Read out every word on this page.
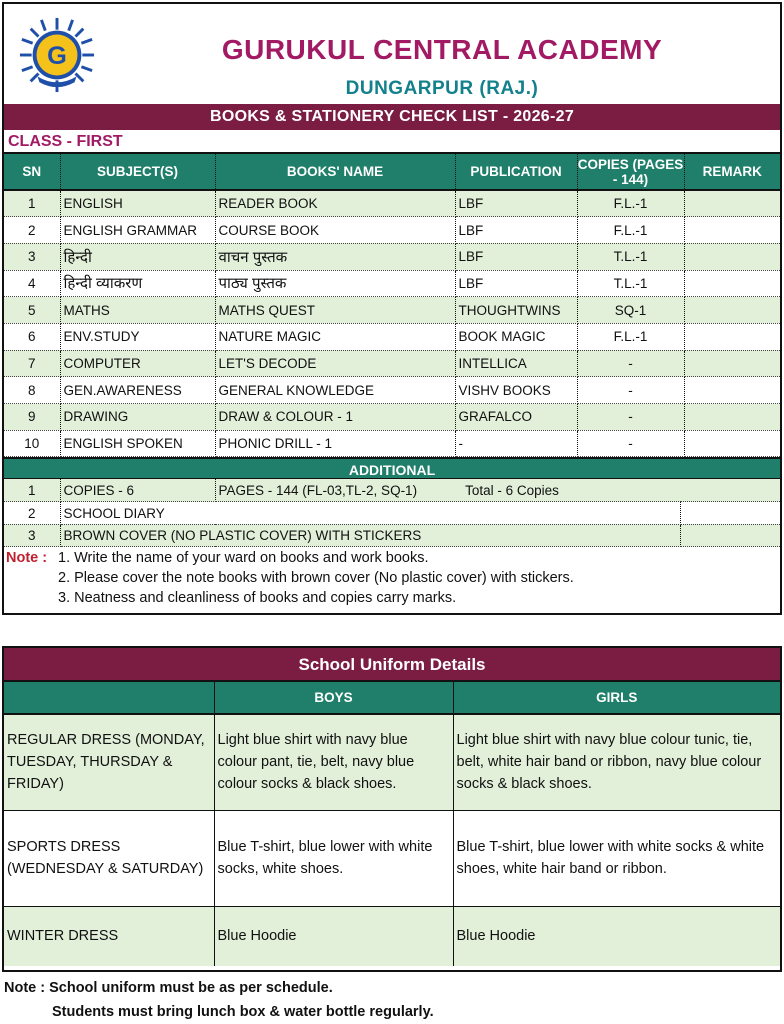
G	GURUKUL CENTRAL ACADEMY
DUNGARPUR (RAJ.)
BOOKS & STATIONERY CHECK LIST - 2026-27
CLASS - FIRST
SN	SUBJECT(S)	BOOKS' NAME	PUBLICATION	COPIES (PAGES - 144)	REMARK
1	ENGLISH	READER BOOK	LBF	F.L.-1	
2	ENGLISH GRAMMAR	COURSE BOOK	LBF	F.L.-1	
3	हिन्दी	वाचन पुस्तक	LBF	T.L.-1	
4	हिन्दी व्याकरण	पाठ्य पुस्तक	LBF	T.L.-1	
5	MATHS	MATHS QUEST	THOUGHTWINS	SQ-1	
6	ENV.STUDY	NATURE MAGIC	BOOK MAGIC	F.L.-1	
7	COMPUTER	LET'S DECODE	INTELLICA	-	
8	GEN.AWARENESS	GENERAL KNOWLEDGE	VISHV BOOKS	-	
9	DRAWING	DRAW & COLOUR - 1	GRAFALCO	-	
10	ENGLISH SPOKEN	PHONIC DRILL - 1	-	-	
ADDITIONAL
1	COPIES - 6	PAGES - 144 (FL-03,TL-2, SQ-1) Total - 6 Copies	
2	SCHOOL DIARY		
3	BROWN COVER (NO PLASTIC COVER) WITH STICKERS		
Note : 1. Write the name of your ward on books and work books.
2. Please cover the note books with brown cover (No plastic cover) with stickers.
3. Neatness and cleanliness of books and copies carry marks.
School Uniform Details
	BOYS	GIRLS
REGULAR DRESS (MONDAY, TUESDAY, THURSDAY & FRIDAY)	Light blue shirt with navy blue colour pant, tie, belt, navy blue colour socks & black shoes.	Light blue shirt with navy blue colour tunic, tie, belt, white hair band or ribbon, navy blue colour socks & black shoes.
SPORTS DRESS (WEDNESDAY & SATURDAY)	Blue T-shirt, blue lower with white socks, white shoes.	Blue T-shirt, blue lower with white socks & white shoes, white hair band or ribbon.
WINTER DRESS	Blue Hoodie	Blue Hoodie
Note : School uniform must be as per schedule.
Students must bring lunch box & water bottle regularly.
